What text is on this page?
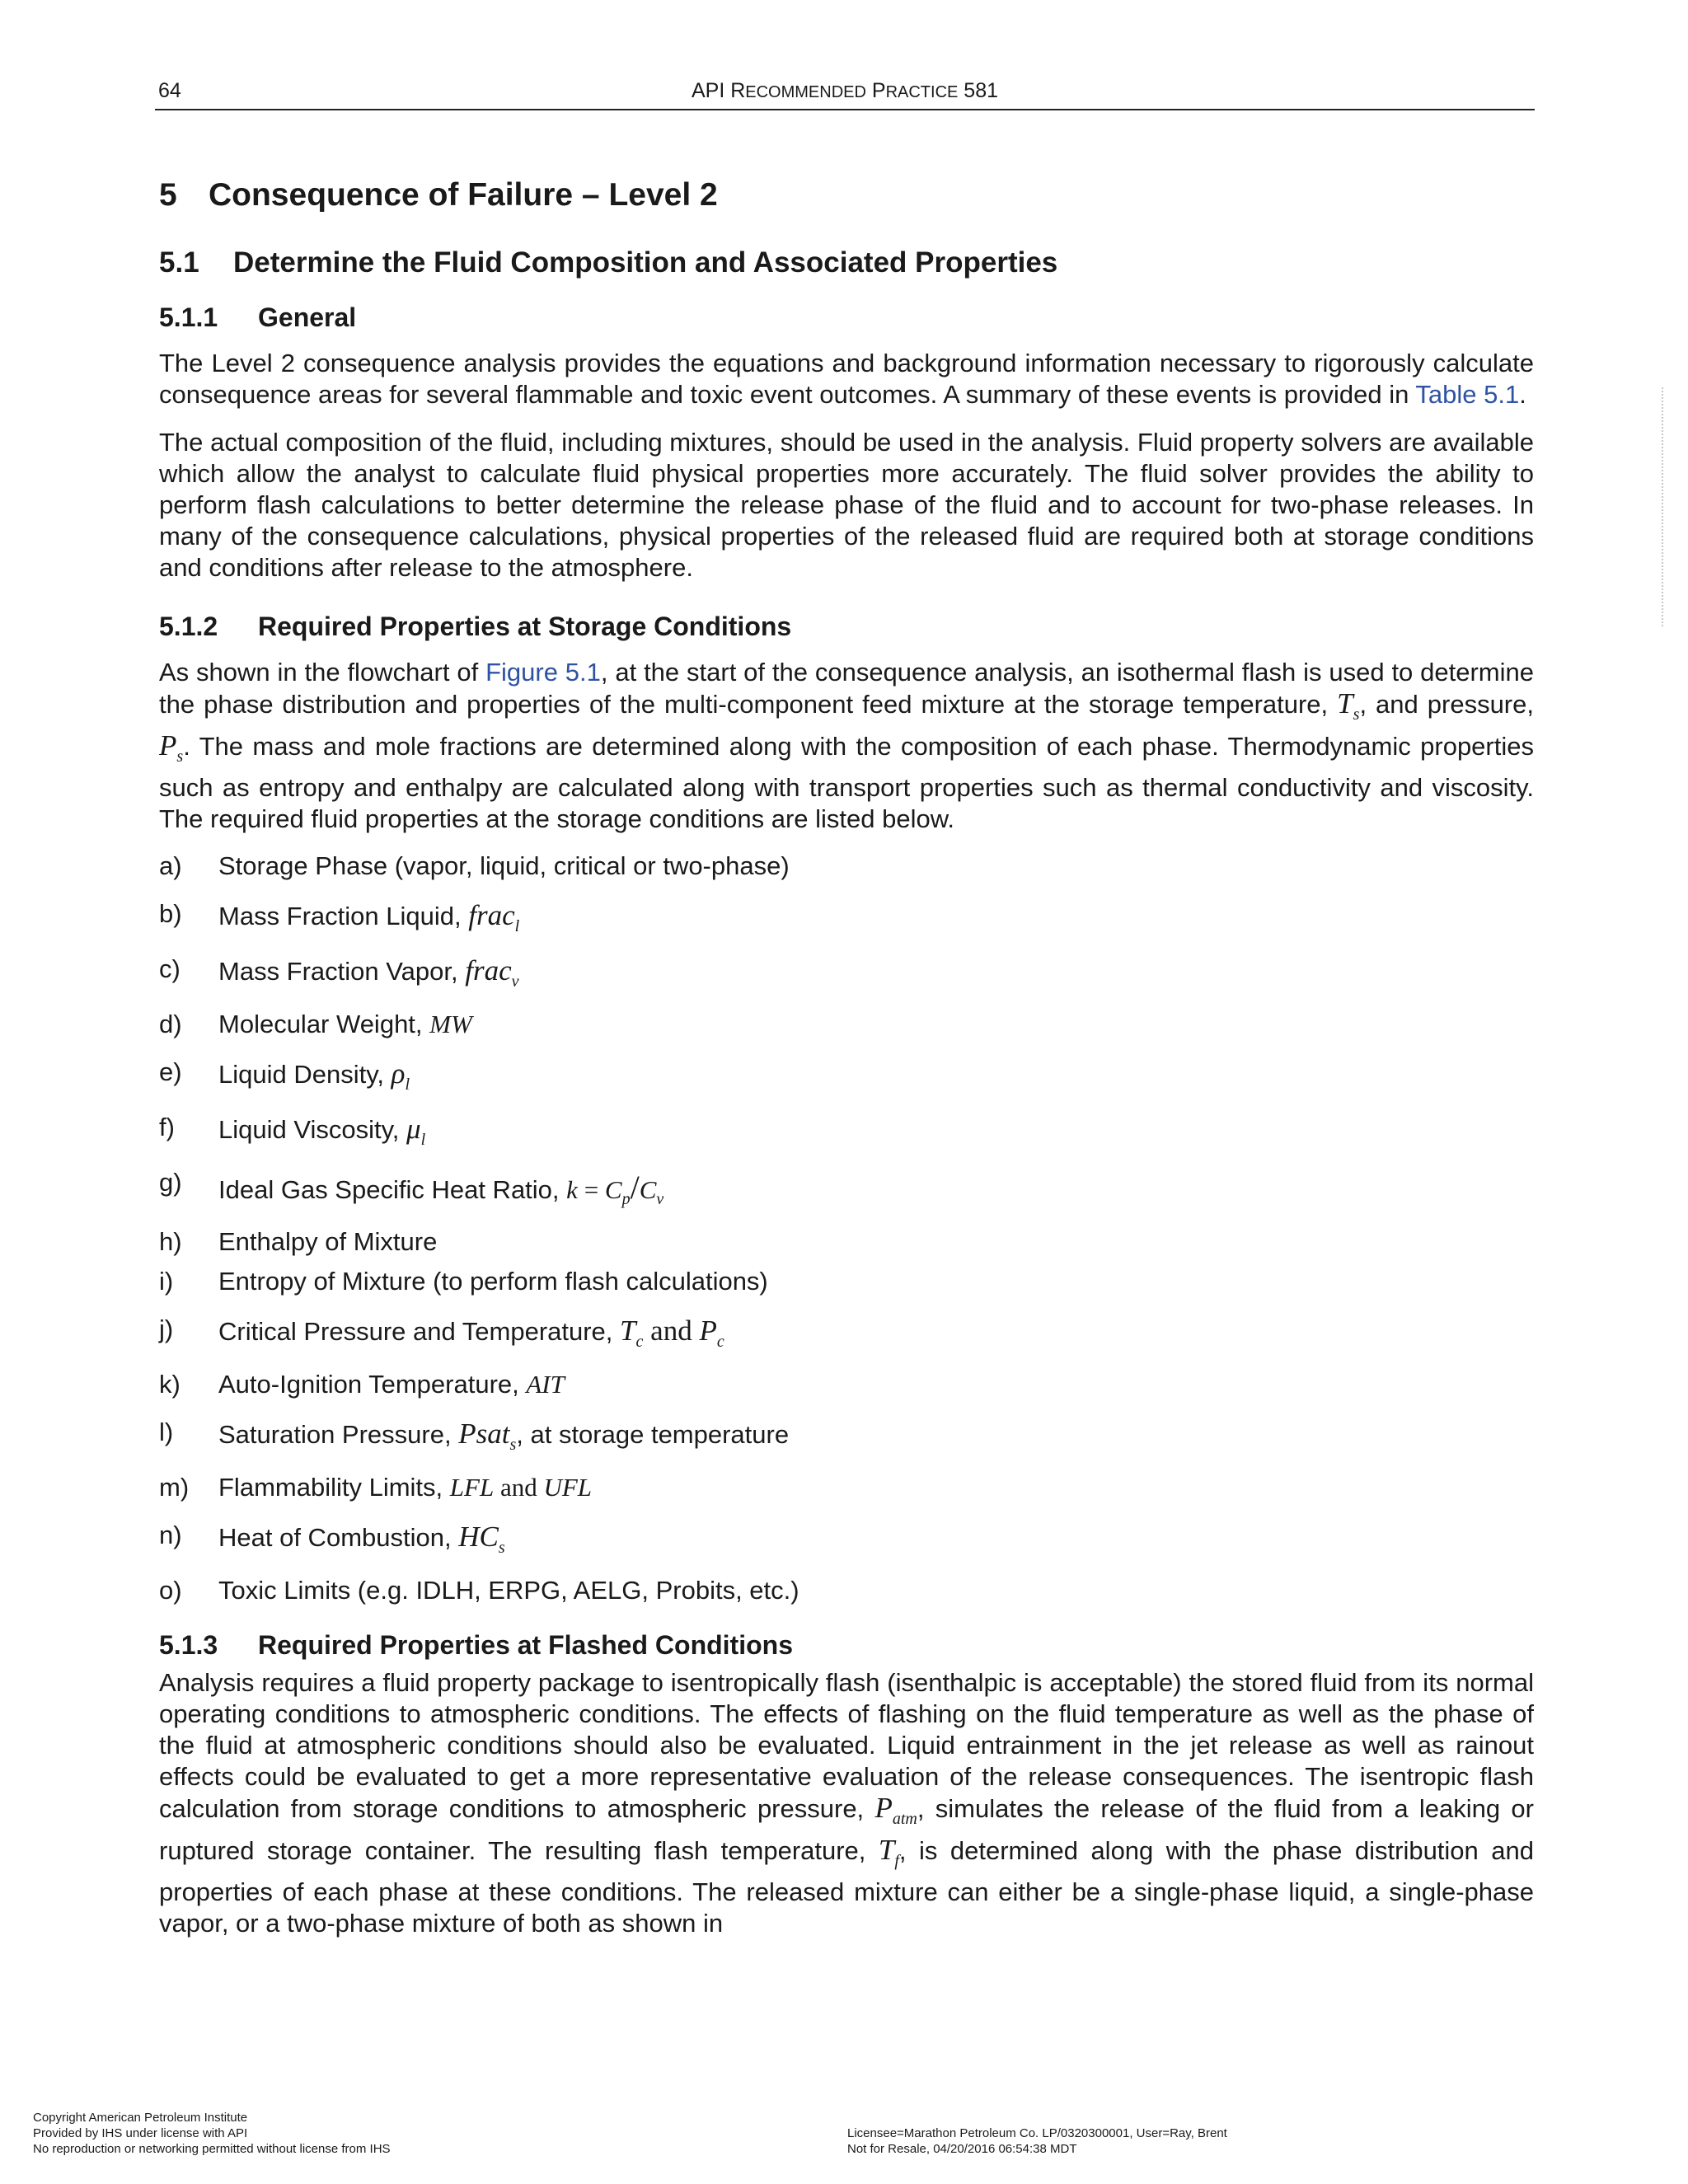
64	API RECOMMENDED PRACTICE 581
5 Consequence of Failure – Level 2
5.1 Determine the Fluid Composition and Associated Properties
5.1.1 General

The Level 2 consequence analysis provides the equations and background information necessary to rigorously calculate consequence areas for several flammable and toxic event outcomes. A summary of these events is provided in Table 5.1.

The actual composition of the fluid, including mixtures, should be used in the analysis. Fluid property solvers are available which allow the analyst to calculate fluid physical properties more accurately. The fluid solver provides the ability to perform flash calculations to better determine the release phase of the fluid and to account for two-phase releases. In many of the consequence calculations, physical properties of the released fluid are required both at storage conditions and conditions after release to the atmosphere.

5.1.2 Required Properties at Storage Conditions

As shown in the flowchart of Figure 5.1, at the start of the consequence analysis, an isothermal flash is used to determine the phase distribution and properties of the multi-component feed mixture at the storage temperature, $T_s$, and pressure, $P_s$. The mass and mole fractions are determined along with the composition of each phase. Thermodynamic properties such as entropy and enthalpy are calculated along with transport properties such as thermal conductivity and viscosity. The required fluid properties at the storage conditions are listed below.

a) Storage Phase (vapor, liquid, critical or two-phase)
b) Mass Fraction Liquid, frac$_l$
c) Mass Fraction Vapor, frac$_v$
d) Molecular Weight, MW
e) Liquid Density, $\rho_l$
f) Liquid Viscosity, $\mu_l$
g) Ideal Gas Specific Heat Ratio, $k = C_p/C_v$
h) Enthalpy of Mixture
i) Entropy of Mixture (to perform flash calculations)
j) Critical Pressure and Temperature, $T_c$ and $P_c$
k) Auto-Ignition Temperature, AIT
l) Saturation Pressure, Psat$_s$, at storage temperature
m) Flammability Limits, LFL and UFL
n) Heat of Combustion, $HC_s$
o) Toxic Limits (e.g. IDLH, ERPG, AELG, Probits, etc.)
5.1.3 Required Properties at Flashed Conditions

Analysis requires a fluid property package to isentropically flash (isenthalpic is acceptable) the stored fluid from its normal operating conditions to atmospheric conditions. The effects of flashing on the fluid temperature as well as the phase of the fluid at atmospheric conditions should also be evaluated. Liquid entrainment in the jet release as well as rainout effects could be evaluated to get a more representative evaluation of the release consequences. The isentropic flash calculation from storage conditions to atmospheric pressure, $P_{atm}$, simulates the release of the fluid from a leaking or ruptured storage container. The resulting flash temperature, $T_f$, is determined along with the phase distribution and properties of each phase at these conditions. The released mixture can either be a single-phase liquid, a single-phase vapor, or a two-phase mixture of both as shown in

Copyright American Petroleum Institute
Provided by IHS under license with API
No reproduction or networking permitted without license from IHS
Licensee=Marathon Petroleum Co. LP/0320300001, User=Ray, Brent
Not for Resale, 04/20/2016 06:54:38 MDT
